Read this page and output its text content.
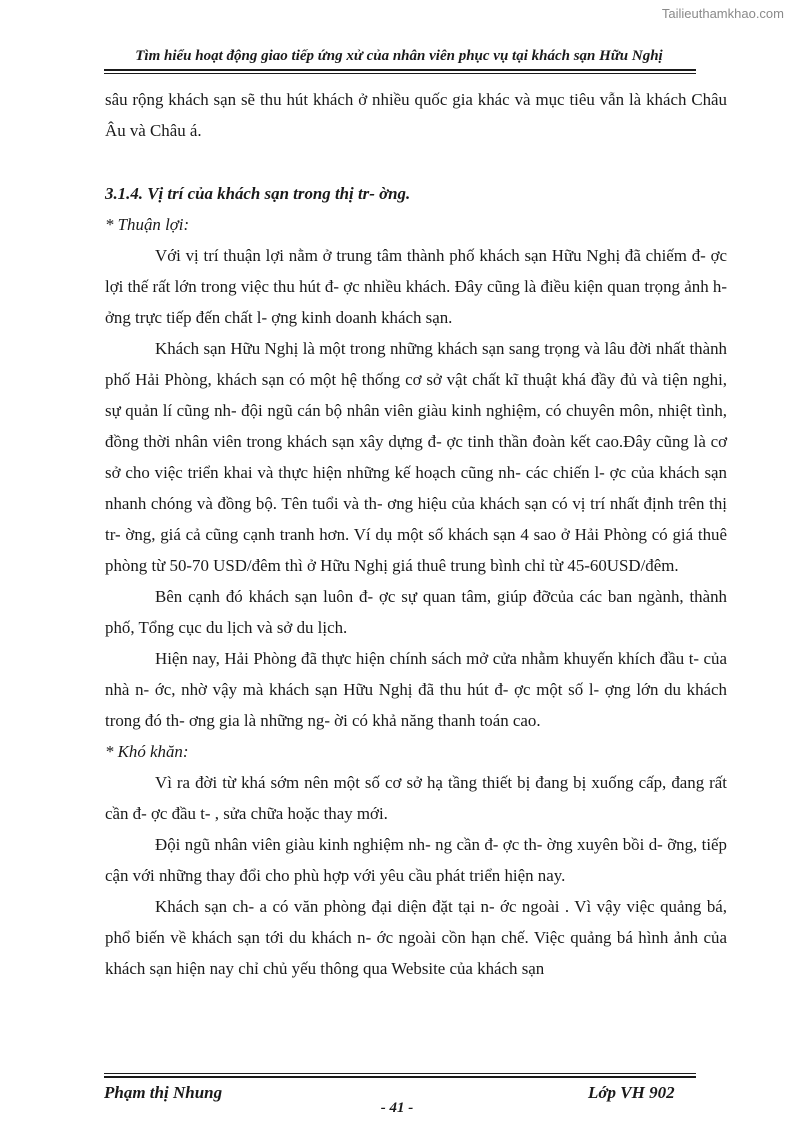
Tailieuthamkhao.com
Tìm hiểu hoạt động giao tiếp ứng xử của nhân viên phục vụ tại khách sạn Hữu Nghị

sâu rộng khách sạn sẽ thu hút khách ở nhiều quốc gia khác và mục tiêu vẫn là khách Châu Âu và Châu á.

3.1.4. Vị trí của khách sạn trong thị tr- ờng.

* Thuận lợi:

Với vị trí thuận lợi nằm ở trung tâm thành phố khách sạn Hữu Nghị đã chiếm đ- ợc lợi thế rất lớn trong việc thu hút đ- ợc nhiều khách. Đây cũng là điều kiện quan trọng ảnh h- ởng trực tiếp đến chất l- ợng kinh doanh khách sạn.

Khách sạn Hữu Nghị là một trong những khách sạn sang trọng và lâu đời nhất thành phố Hải Phòng, khách sạn có một hệ thống cơ sở vật chất kĩ thuật khá đầy đủ và tiện nghi, sự quản lí cũng nh- đội ngũ cán bộ nhân viên giàu kinh nghiệm, có chuyên môn, nhiệt tình, đồng thời nhân viên trong khách sạn xây dựng đ- ợc tinh thần đoàn kết cao.Đây cũng là cơ sở cho việc triển khai và thực hiện những kế hoạch cũng nh- các chiến l- ợc của khách sạn nhanh chóng và đồng bộ. Tên tuổi và th- ơng hiệu của khách sạn có vị trí nhất định trên thị tr- ờng, giá cả cũng cạnh tranh hơn. Ví dụ một số khách sạn 4 sao ở Hải Phòng có giá thuê phòng từ 50-70 USD/đêm thì ở Hữu Nghị giá thuê trung bình chỉ từ 45-60USD/đêm.

Bên cạnh đó khách sạn luôn đ- ợc sự quan tâm, giúp đỡcủa các ban ngành, thành phố, Tổng cục du lịch và sở du lịch.

Hiện nay, Hải Phòng đã thực hiện chính sách mở cửa nhằm khuyến khích đầu t- của nhà n- ớc, nhờ vậy mà khách sạn Hữu Nghị đã thu hút đ- ợc một số l- ợng lớn du khách trong đó th- ơng gia là những ng- ời có khả năng thanh toán cao.

* Khó khăn:

Vì ra đời từ khá sớm nên một số cơ sở hạ tầng thiết bị đang bị xuống cấp, đang rất cần đ- ợc đầu t- , sửa chữa hoặc thay mới.

Đội ngũ nhân viên giàu kinh nghiệm nh- ng cần đ- ợc th- ờng xuyên bồi d- ỡng, tiếp cận với những thay đổi cho phù hợp với yêu cầu phát triển hiện nay.

Khách sạn ch- a có văn phòng đại diện đặt tại n- ớc ngoài . Vì vậy việc quảng bá, phổ biến về khách sạn tới du khách n- ớc ngoài cồn hạn chế. Việc quảng bá hình ảnh của khách sạn hiện nay chỉ chủ yếu thông qua Website của khách sạn

Phạm thị Nhung	Lớp VH 902
- 41 -
